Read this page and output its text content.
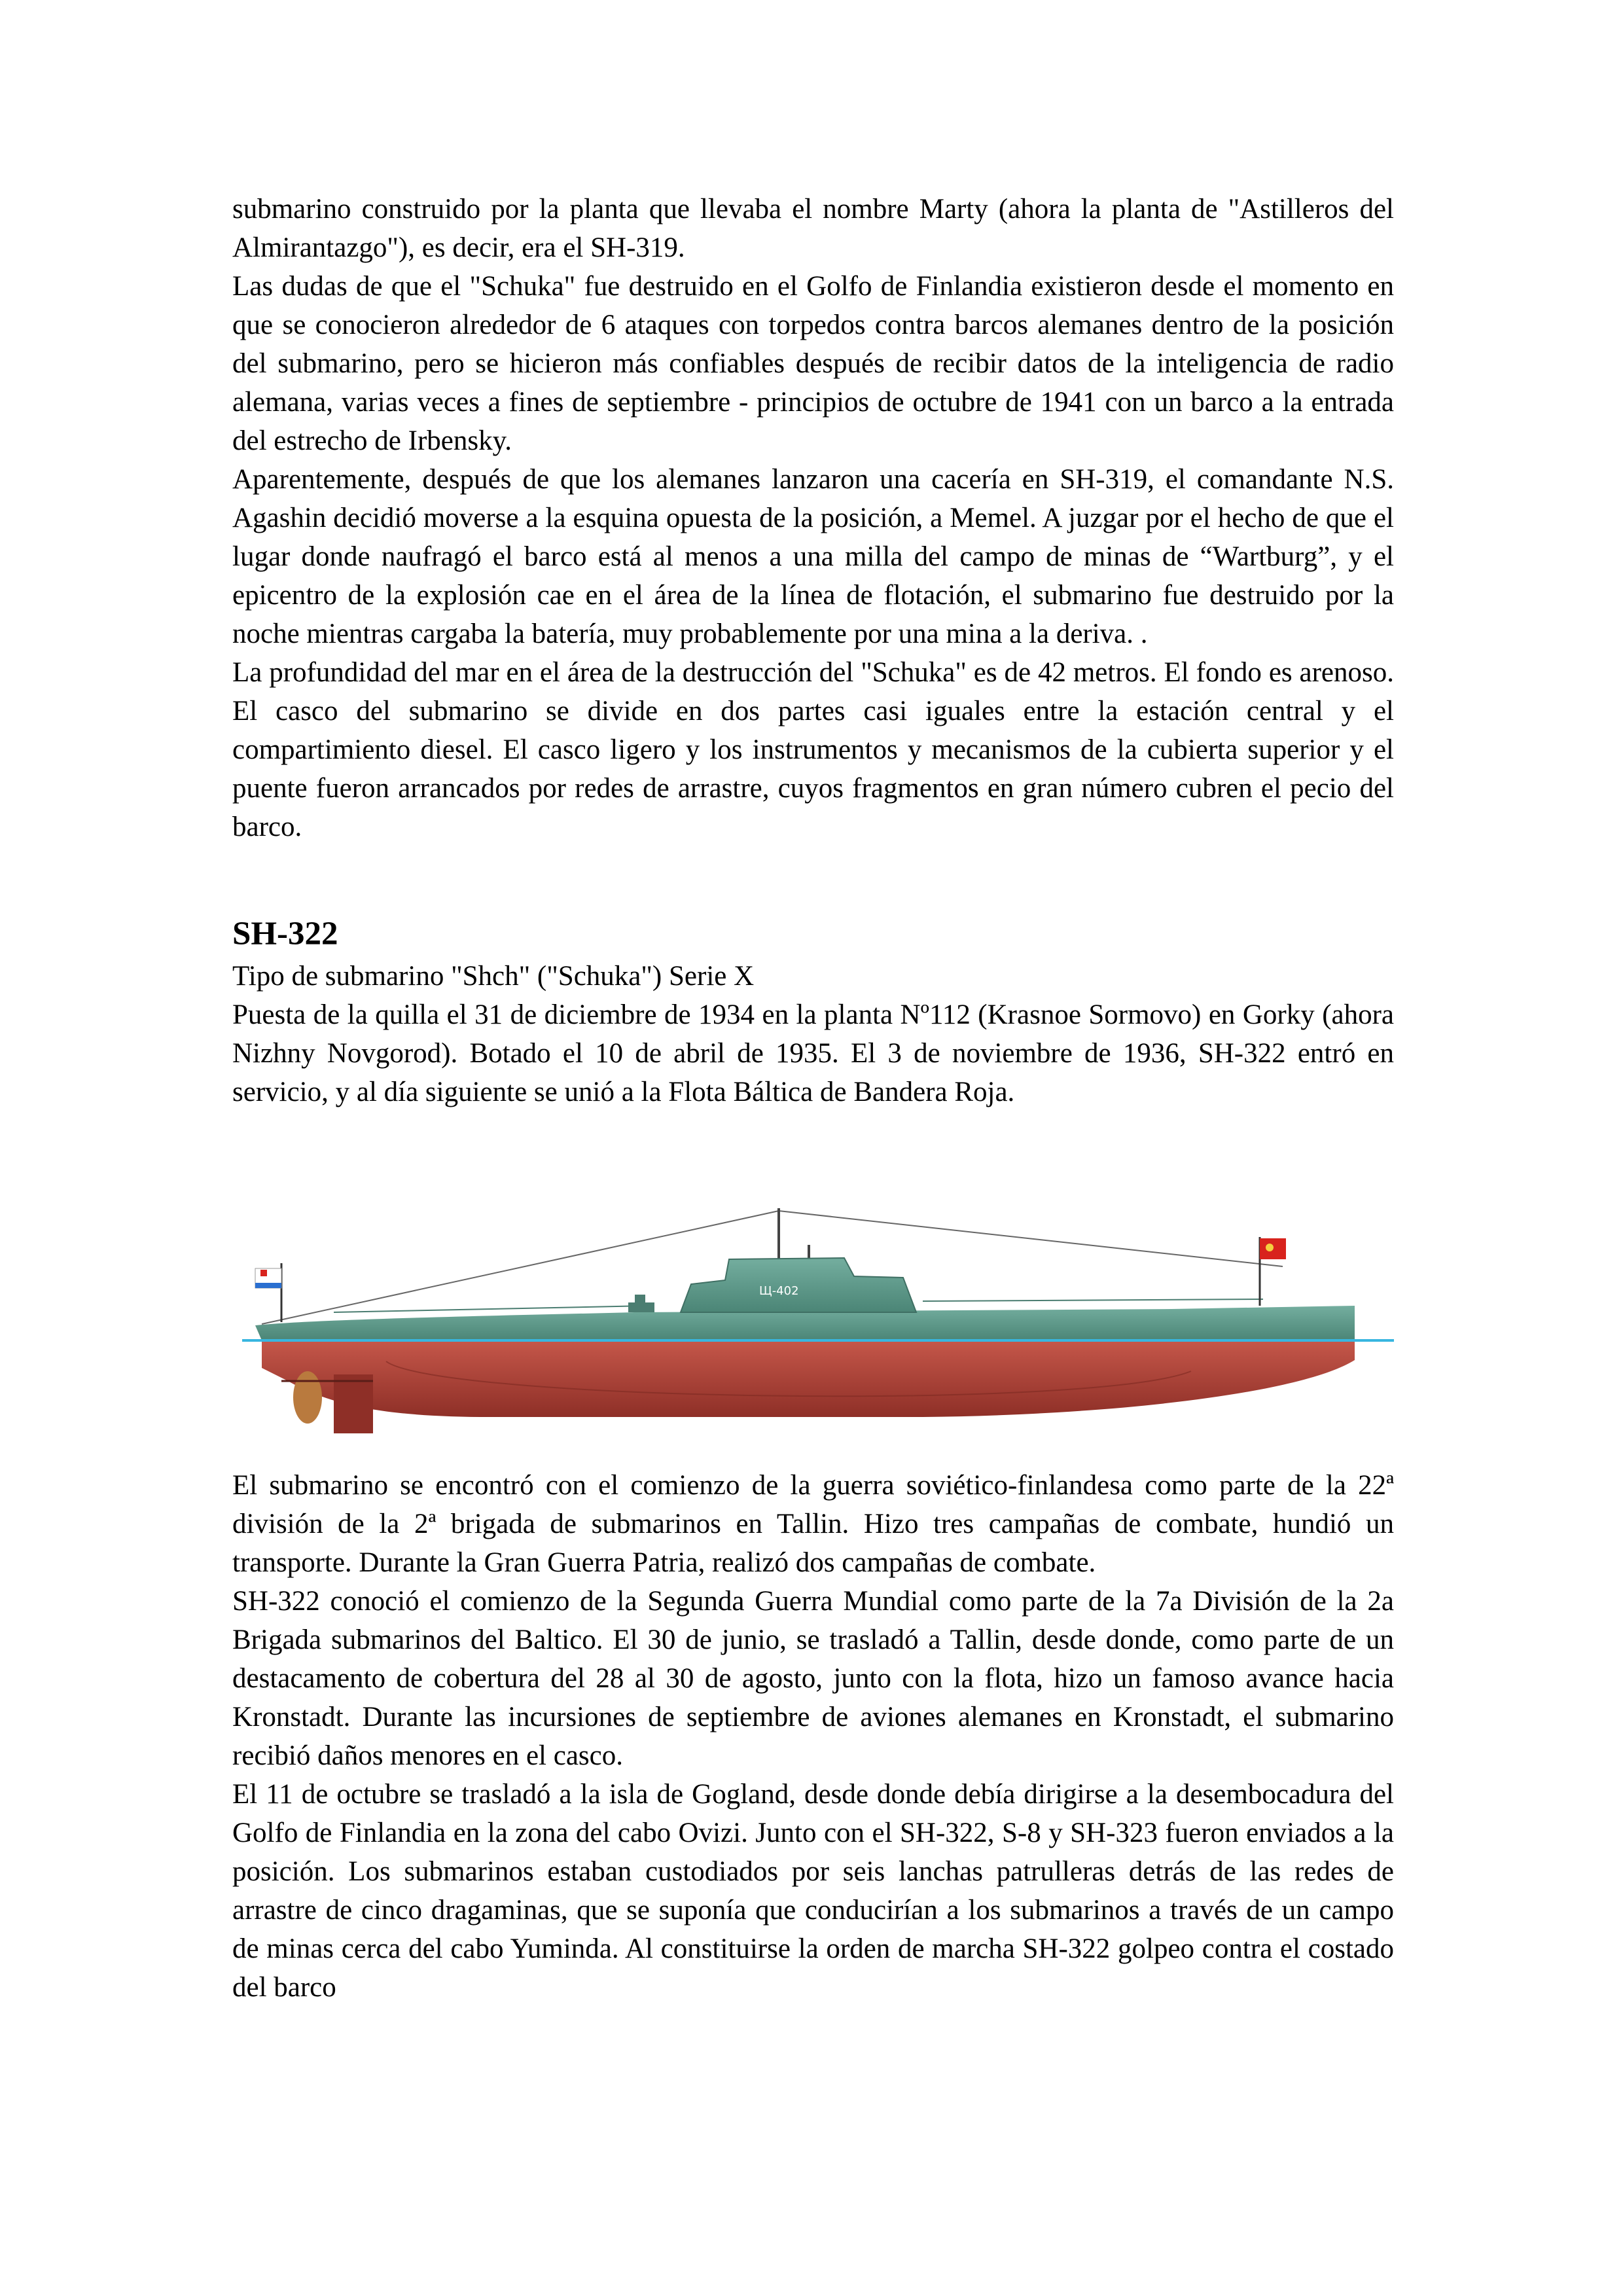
submarino construido por la planta que llevaba el nombre Marty (ahora la planta de "Astilleros del Almirantazgo"), es decir, era el SH-319.

Las dudas de que el "Schuka" fue destruido en el Golfo de Finlandia existieron desde el momento en que se conocieron alrededor de 6 ataques con torpedos contra barcos alemanes dentro de la posición del submarino, pero se hicieron más confiables después de recibir datos de la inteligencia de radio alemana, varias veces a fines de septiembre - principios de octubre de 1941 con un barco a la entrada del estrecho de Irbensky.

Aparentemente, después de que los alemanes lanzaron una cacería en SH-319, el comandante N.S. Agashin decidió moverse a la esquina opuesta de la posición, a Memel. A juzgar por el hecho de que el lugar donde naufragó el barco está al menos a una milla del campo de minas de “Wartburg”, y el epicentro de la explosión cae en el área de la línea de flotación, el submarino fue destruido por la noche mientras cargaba la batería, muy probablemente por una mina a la deriva. .

La profundidad del mar en el área de la destrucción del "Schuka" es de 42 metros. El fondo es arenoso. El casco del submarino se divide en dos partes casi iguales entre la estación central y el compartimiento diesel. El casco ligero y los instrumentos y mecanismos de la cubierta superior y el puente fueron arrancados por redes de arrastre, cuyos fragmentos en gran número cubren el pecio del barco.

SH-322

Tipo de submarino "Shch" ("Schuka") Serie X

Puesta de la quilla el 31 de diciembre de 1934 en la planta Nº112 (Krasnoe Sormovo) en Gorky (ahora Nizhny Novgorod). Botado el 10 de abril de 1935. El 3 de noviembre de 1936, SH-322 entró en servicio, y al día siguiente se unió a la Flota Báltica de Bandera Roja.

Щ-402

El submarino se encontró con el comienzo de la guerra soviético-finlandesa como parte de la 22ª división de la 2ª brigada de submarinos en Tallin. Hizo tres campañas de combate, hundió un transporte. Durante la Gran Guerra Patria, realizó dos campañas de combate.

SH-322 conoció el comienzo de la Segunda Guerra Mundial como parte de la 7a División de la 2a Brigada submarinos del Baltico. El 30 de junio, se trasladó a Tallin, desde donde, como parte de un destacamento de cobertura del 28 al 30 de agosto, junto con la flota, hizo un famoso avance hacia Kronstadt. Durante las incursiones de septiembre de aviones alemanes en Kronstadt, el submarino recibió daños menores en el casco.

El 11 de octubre se trasladó a la isla de Gogland, desde donde debía dirigirse a la desembocadura del Golfo de Finlandia en la zona del cabo Ovizi. Junto con el SH-322, S-8 y SH-323 fueron enviados a la posición. Los submarinos estaban custodiados por seis lanchas patrulleras detrás de las redes de arrastre de cinco dragaminas, que se suponía que conducirían a los submarinos a través de un campo de minas cerca del cabo Yuminda. Al constituirse la orden de marcha SH-322 golpeo contra el costado del barco
